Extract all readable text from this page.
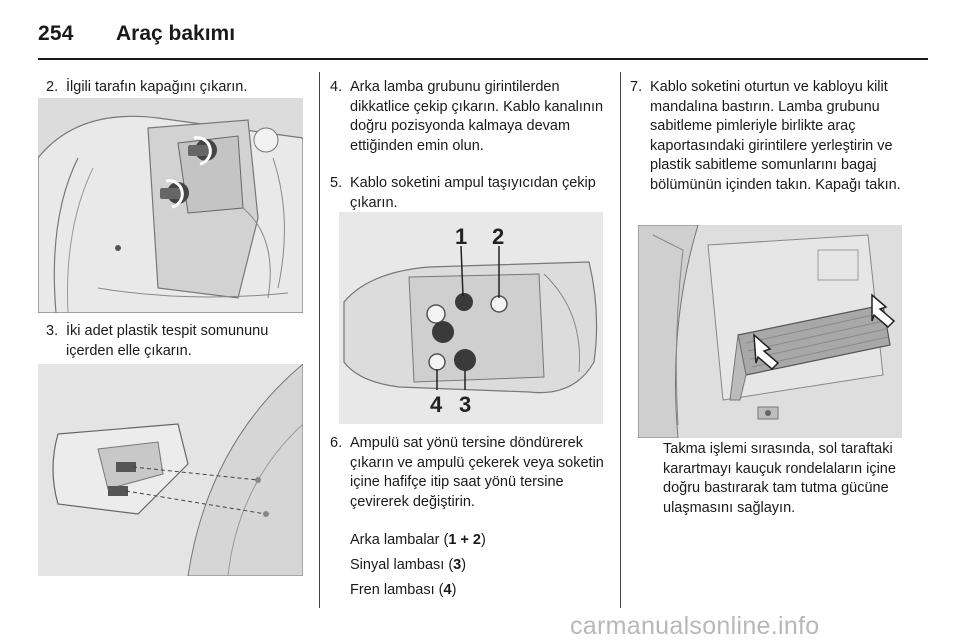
254 Araç bakımı
2. İlgili tarafın kapağını çıkarın.
3. İki adet plastik tespit somununu içerden elle çıkarın.
4. Arka lamba grubunu girintilerden dikkatlice çekip çıkarın. Kablo kanalının doğru pozisyonda kalmaya devam ettiğinden emin olun.
5. Kablo soketini ampul taşıyıcıdan çekip çıkarın.
1 2
4 3
6. Ampulü sat yönü tersine döndürerek çıkarın ve ampulü çekerek veya soketin içine hafifçe itip saat yönü tersine çevirerek değiştirin.
Arka lambalar (1 + 2)
Sinyal lambası (3)
Fren lambası (4)
7. Kablo soketini oturtun ve kabloyu kilit mandalına bastırın. Lamba grubunu sabitleme pimleriyle birlikte araç kaportasındaki girintilere yerleştirin ve plastik sabitleme somunlarını bagaj bölümünün içinden takın. Kapağı takın.
Takma işlemi sırasında, sol taraftaki karartmayı kauçuk rondelaların içine doğru bastırarak tam tutma gücüne ulaşmasını sağlayın.
carmanualsonline.info
